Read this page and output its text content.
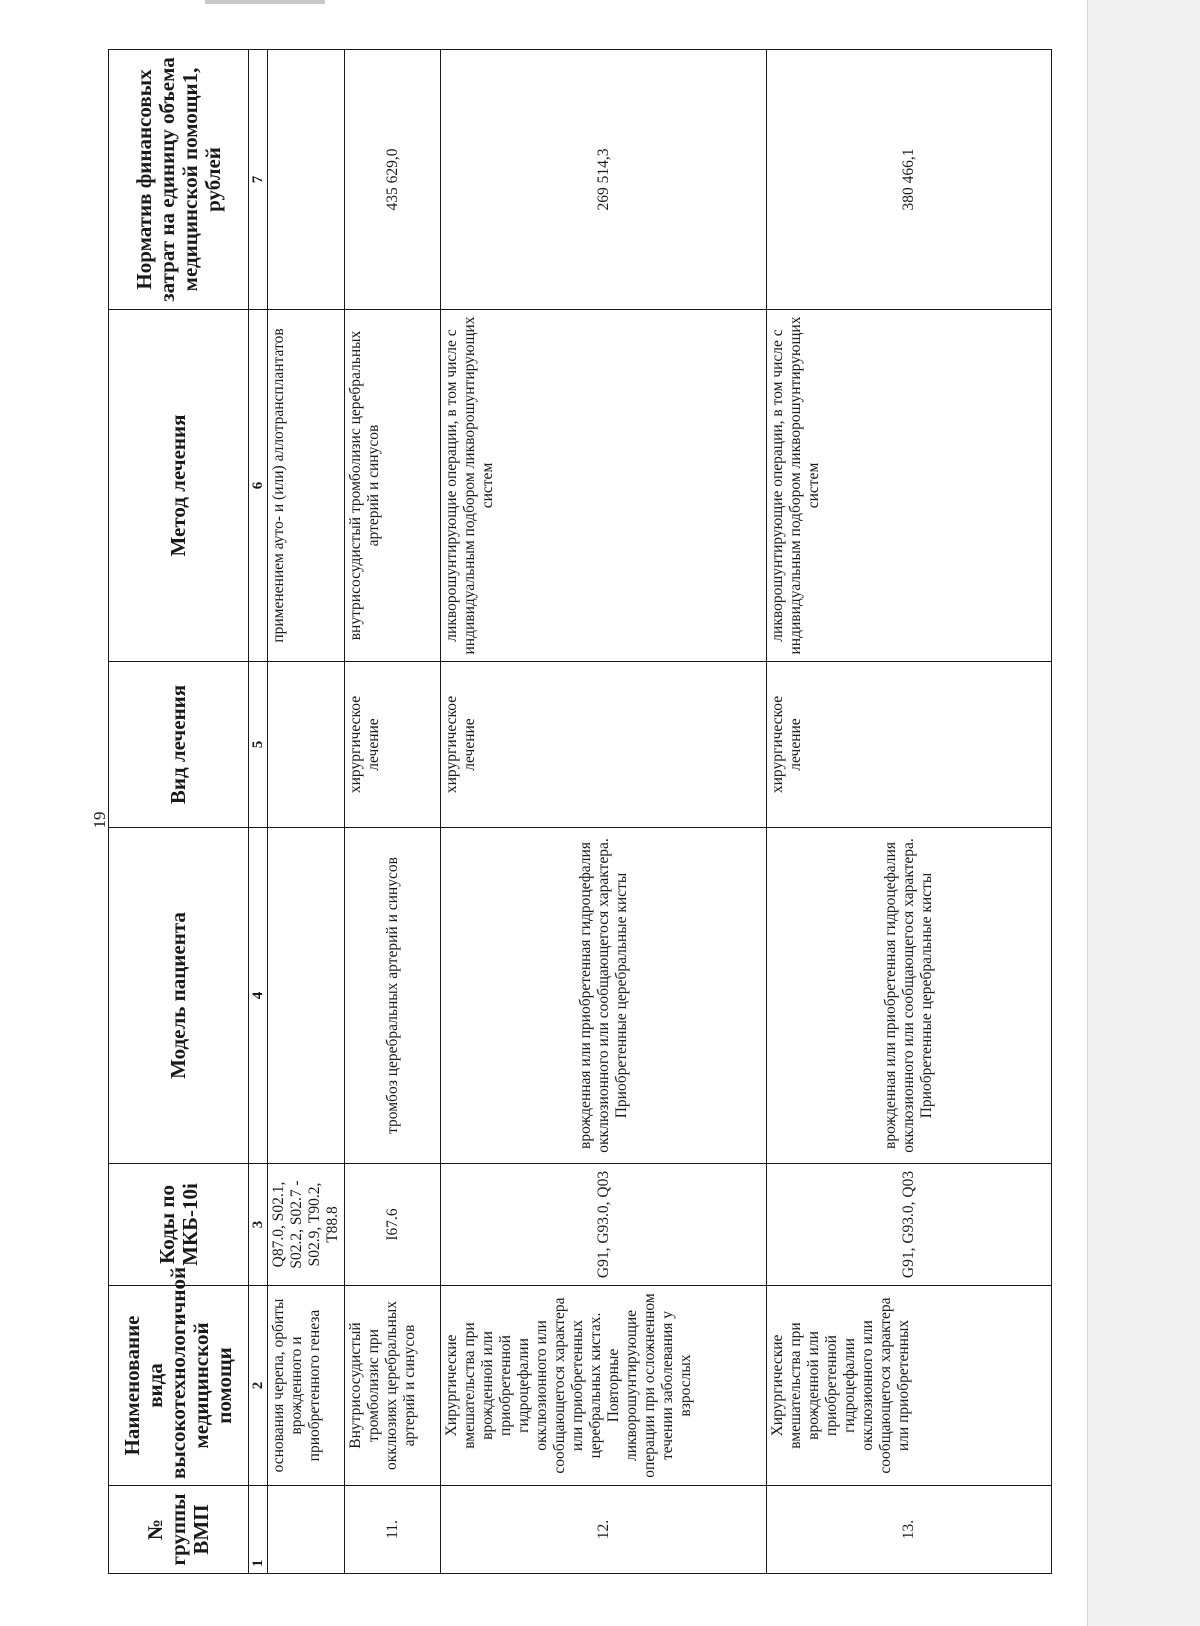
19
№ группы ВМП	Наименование вида высокотехнологичной медицинской помощи	Коды по МКБ-10i	Модель пациента	Вид лечения	Метод лечения	Норматив финансовых затрат на единицу объема медицинской помощи1, рублей
1	2	3	4	5	6	7
	основания черепа, орбиты врожденного и приобретенного генеза	Q87.0, S02.1, S02.2, S02.7 - S02.9, T90.2, T88.8			применением ауто- и (или) аллотрансплантатов	
11.	Внутрисосудистый тромболизис при окклюзиях церебральных артерий и синусов	I67.6	тромбоз церебральных артерий и синусов	хирургическое лечение	внутрисосудистый тромболизис церебральных артерий и синусов	435 629,0
12.	Хирургические вмешательства при врожденной или приобретенной гидроцефалии окклюзионного или сообщающегося характера или приобретенных церебральных кистах. Повторные ликворошунтирующие операции при осложненном течении заболевания у взрослых	G91, G93.0, Q03	врожденная или приобретенная гидроцефалия окклюзионного или сообщающегося характера. Приобретенные церебральные кисты	хирургическое лечение	ликворошунтирующие операции, в том числе с индивидуальным подбором ликворошунтирующих систем	269 514,3
13.	Хирургические вмешательства при врожденной или приобретенной гидроцефалии окклюзионного или сообщающегося характера или приобретенных	G91, G93.0, Q03	врожденная или приобретенная гидроцефалия окклюзионного или сообщающегося характера. Приобретенные церебральные кисты	хирургическое лечение	ликворошунтирующие операции, в том числе с индивидуальным подбором ликворошунтирующих систем	380 466,1
